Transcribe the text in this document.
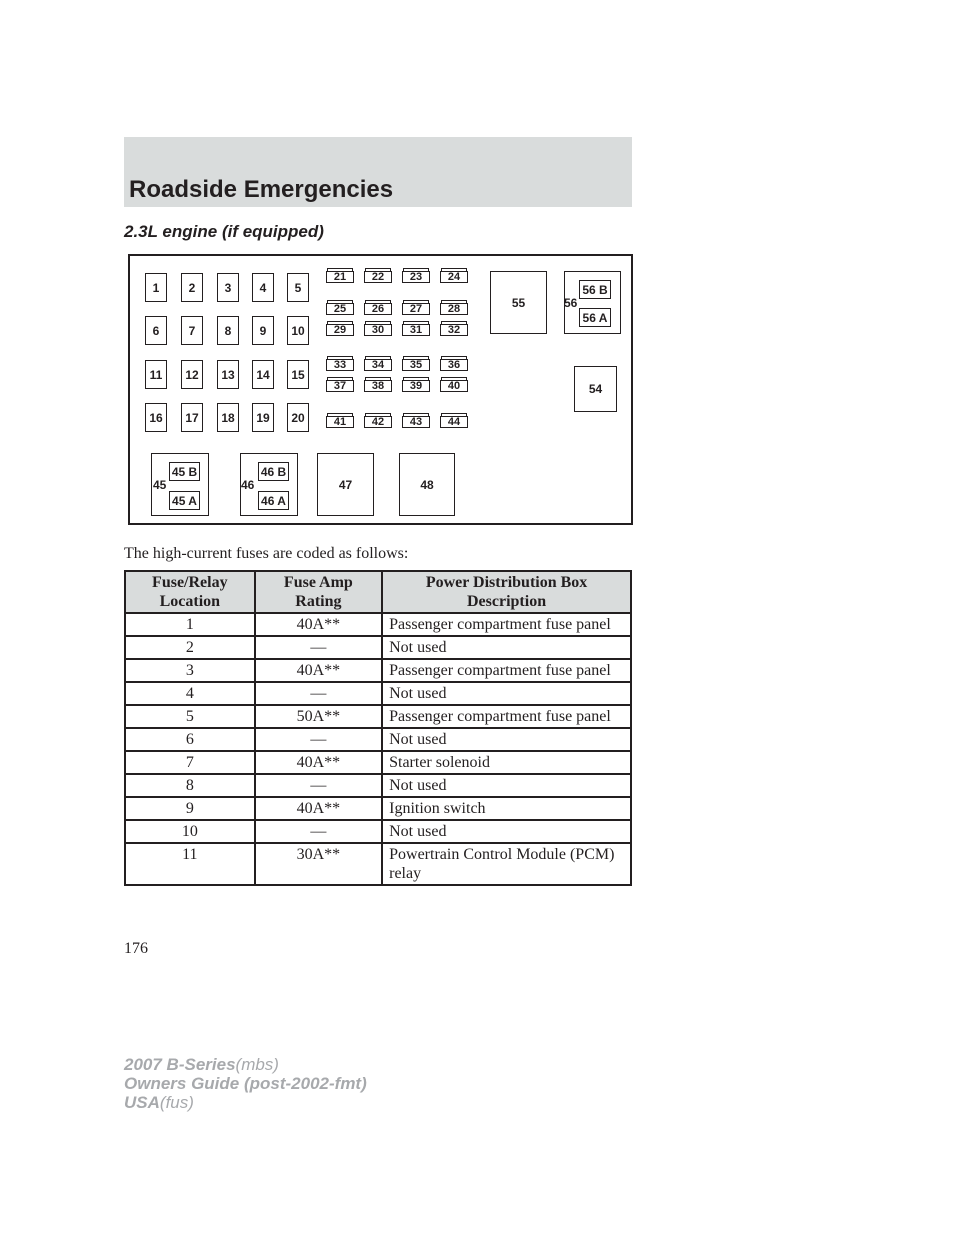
Roadside Emergencies
2.3L engine (if equipped)
1	2	3	4	5
6	7	8	9	10
11	12	13	14	15
16	17	18	19	20
21	22	23	24
25	26	27	28
29	30	31	32
33	34	35	36
37	38	39	40
41	42	43	44
55	56
56 B
56 A
54
45
45 B
45 A
46
46 B
46 A
47	48
The high-current fuses are coded as follows:
Fuse/Relay Location	Fuse Amp Rating	Power Distribution Box Description
1	40A**	Passenger compartment fuse panel
2	—	Not used
3	40A**	Passenger compartment fuse panel
4	—	Not used
5	50A**	Passenger compartment fuse panel
6	—	Not used
7	40A**	Starter solenoid
8	—	Not used
9	40A**	Ignition switch
10	—	Not used
11	30A**	Powertrain Control Module (PCM) relay
176
2007 B-Series(mbs)
Owners Guide (post-2002-fmt)
USA(fus)
